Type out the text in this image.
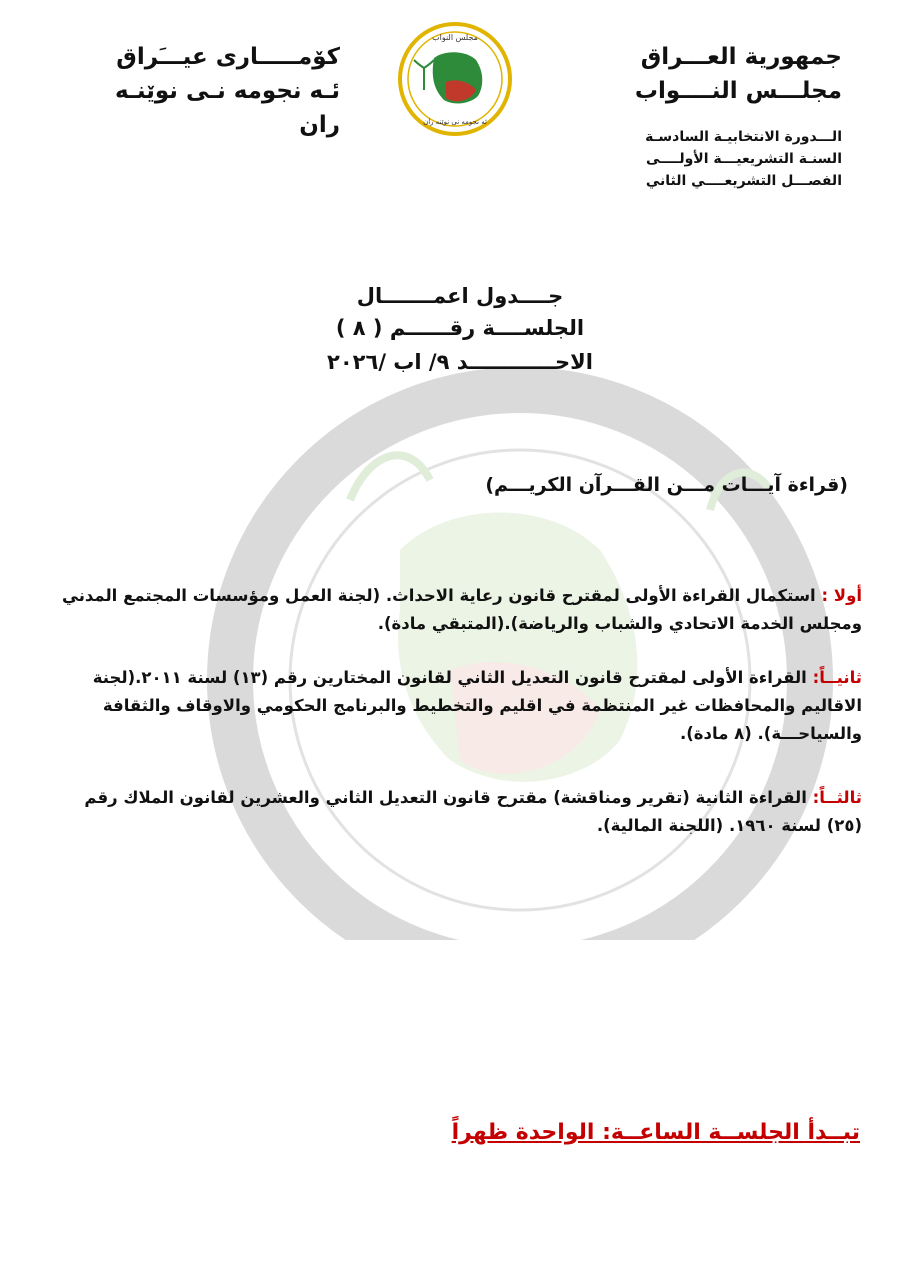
جمهورية العـــراق
مجلـــس النــــواب
الـــدورة الانتخابيـة السادسـة
السنـة التشريعيـــة الأولــــى
الفصـــل التشريعــــي الثاني
مجلس النواب
ئه نجومه نى نوێنه ران
كۆمـــــارى عيـــَراق
ئـه نجومه نـى نوێنـه ران
جــــدول اعمـــــــال
الجلســــة رقــــــم ( ٨ )
الاحــــــــــــد ٩/ اب /٢٠٢٦
(قراءة آيـــات مـــن القـــرآن الكريـــم)
أولا : استكمال القراءة الأولى لمقترح قانون رعاية الاحداث. (لجنة العمل ومؤسسات المجتمع المدني ومجلس الخدمة الاتحادي والشباب والرياضة).(المتبقي مادة).
ثانيــاً: القراءة الأولى لمقترح قانون التعديل الثاني لقانون المختارين رقم (١٣) لسنة ٢٠١١.(لجنة الاقاليم والمحافظات غير المنتظمة في اقليم والتخطيط والبرنامج الحكومي والاوقاف والثقافة والسياحـــة). (٨ مادة).
ثالثــاً: القراءة الثانية (تقرير ومناقشة) مقترح قانون التعديل الثاني والعشرين لقانون الملاك رقم (٢٥) لسنة ١٩٦٠. (اللجنة المالية).
تبــدأ الجلســة الساعــة: الواحدة ظهراً
